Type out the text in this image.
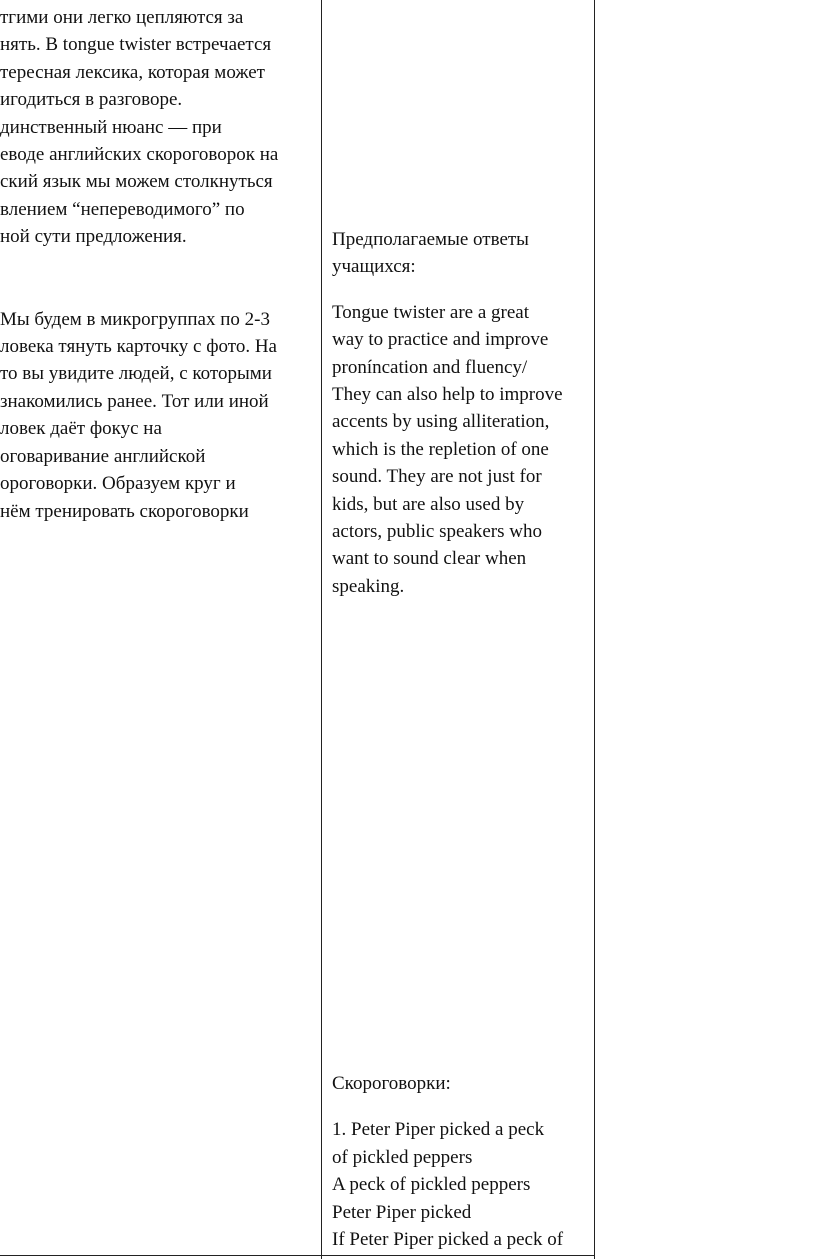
тгими они легко цепляются за

нять. В tongue twister встречается

тересная лексика, которая может

игодиться в разговоре.

динственный нюанс — при

еводе английских скороговорок на

ский язык мы можем столкнуться

влением “непереводимого” по

ной сути предложения.

Мы будем в микрогруппах по 2-3

ловека тянуть карточку с фото. На

то вы увидите людей, с которыми

знакомились ранее. Тот или иной

ловек даёт фокус на

оговаривание английской

ороговорки. Образуем круг и

нём тренировать скороговорки

Предполагаемые ответы

учащихся:

Tongue twister are a great

way to practice and improve

proníncation and fluency/

They can also help to improve

accents by using alliteration,

which is the repletion of one

sound. They are not just for

kids, but are also used by

actors, public speakers who

want to sound clear when

speaking.

Скороговорки:

1. Peter Piper picked a peck

of pickled peppers

A peck of pickled peppers

Peter Piper picked

If Peter Piper picked a peck of
